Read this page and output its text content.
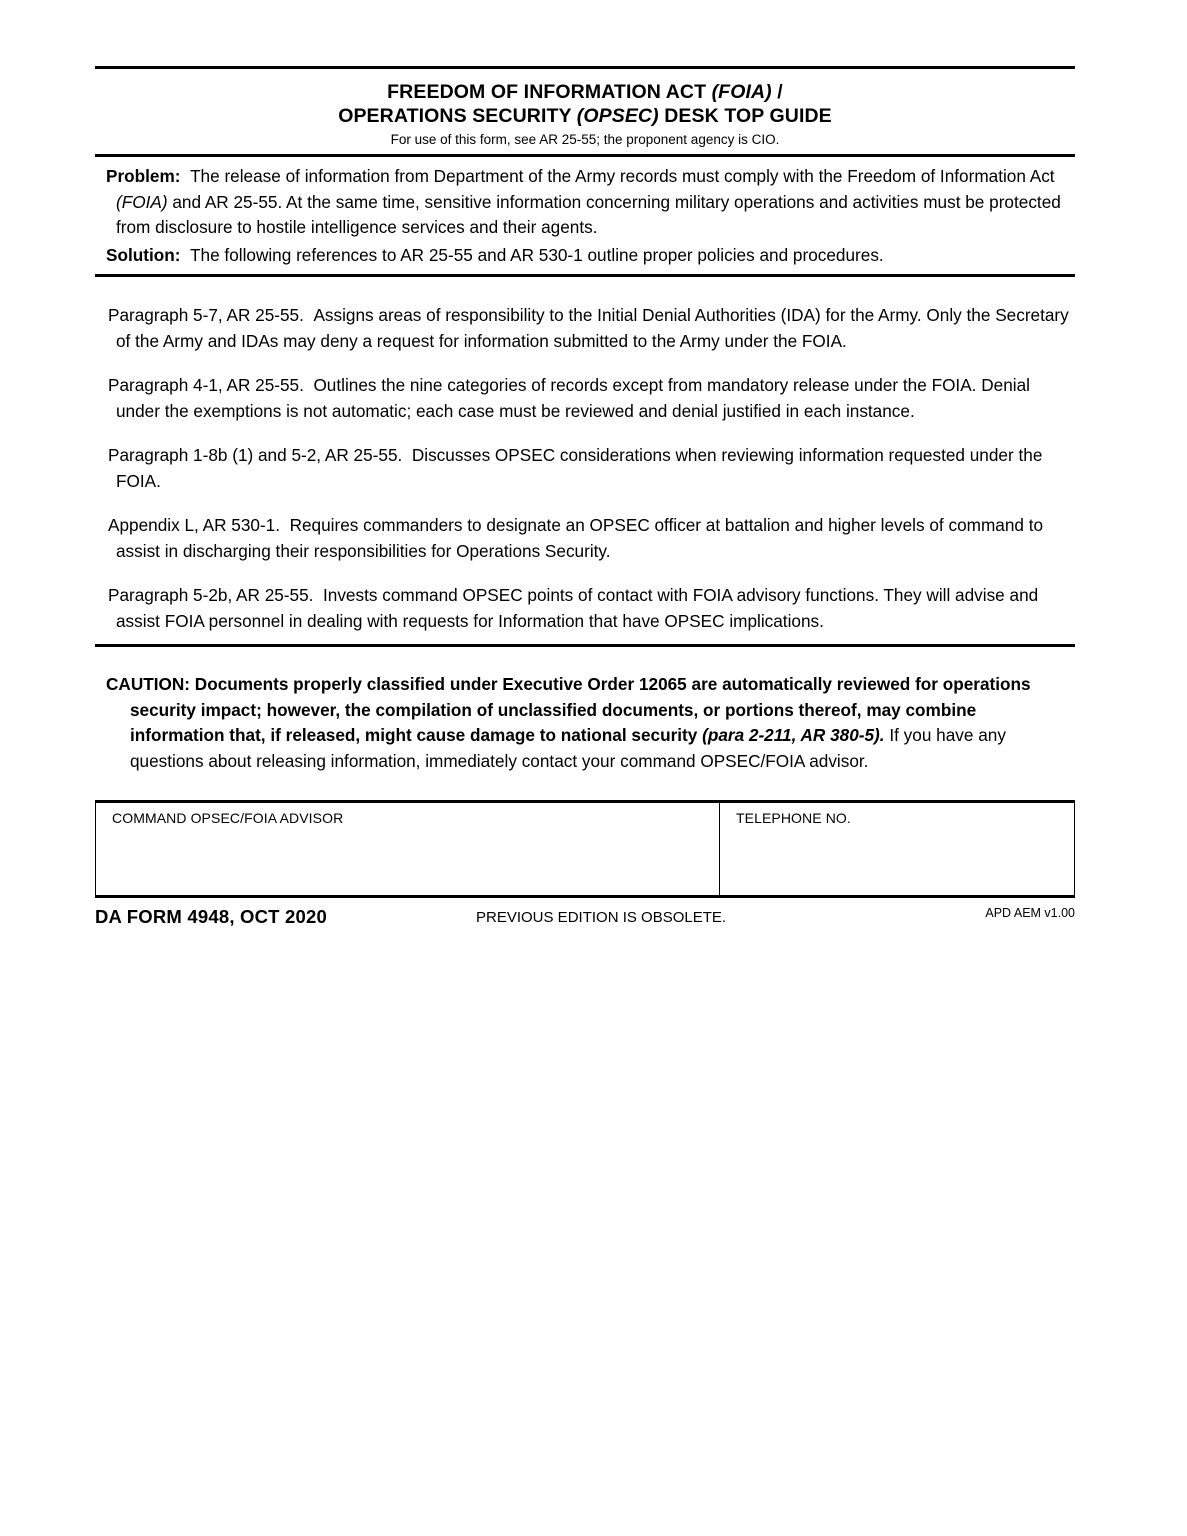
FREEDOM OF INFORMATION ACT (FOIA) /
OPERATIONS SECURITY (OPSEC) DESK TOP GUIDE
For use of this form, see AR 25-55; the proponent agency is CIO.

Problem: The release of information from Department of the Army records must comply with the Freedom of Information Act (FOIA) and AR 25-55. At the same time, sensitive information concerning military operations and activities must be protected from disclosure to hostile intelligence services and their agents.

Solution: The following references to AR 25-55 and AR 530-1 outline proper policies and procedures.

Paragraph 5-7, AR 25-55. Assigns areas of responsibility to the Initial Denial Authorities (IDA) for the Army. Only the Secretary of the Army and IDAs may deny a request for information submitted to the Army under the FOIA.

Paragraph 4-1, AR 25-55. Outlines the nine categories of records except from mandatory release under the FOIA. Denial under the exemptions is not automatic; each case must be reviewed and denial justified in each instance.

Paragraph 1-8b (1) and 5-2, AR 25-55. Discusses OPSEC considerations when reviewing information requested under the FOIA.

Appendix L, AR 530-1. Requires commanders to designate an OPSEC officer at battalion and higher levels of command to assist in discharging their responsibilities for Operations Security.

Paragraph 5-2b, AR 25-55. Invests command OPSEC points of contact with FOIA advisory functions. They will advise and assist FOIA personnel in dealing with requests for Information that have OPSEC implications.

CAUTION: Documents properly classified under Executive Order 12065 are automatically reviewed for operations security impact; however, the compilation of unclassified documents, or portions thereof, may combine information that, if released, might cause damage to national security (para 2-211, AR 380-5). If you have any questions about releasing information, immediately contact your command OPSEC/FOIA advisor.

COMMAND OPSEC/FOIA ADVISOR	TELEPHONE NO.
DA FORM 4948, OCT 2020	PREVIOUS EDITION IS OBSOLETE.	APD AEM v1.00
